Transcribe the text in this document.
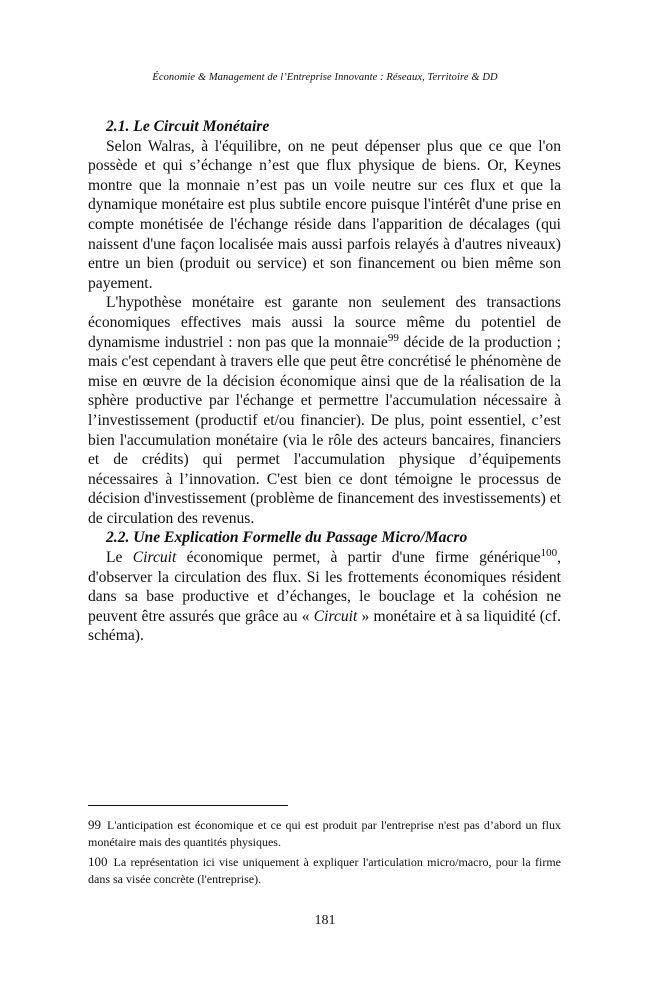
Économie & Management de l’Entreprise Innovante : Réseaux, Territoire & DD

2.1. Le Circuit Monétaire

Selon Walras, à l'équilibre, on ne peut dépenser plus que ce que l'on possède et qui s’échange n’est que flux physique de biens. Or, Keynes montre que la monnaie n’est pas un voile neutre sur ces flux et que la dynamique monétaire est plus subtile encore puisque l'intérêt d'une prise en compte monétisée de l'échange réside dans l'apparition de décalages (qui naissent d'une façon localisée mais aussi parfois relayés à d'autres niveaux) entre un bien (produit ou service) et son financement ou bien même son payement.

L'hypothèse monétaire est garante non seulement des transactions économiques effectives mais aussi la source même du potentiel de dynamisme industriel : non pas que la monnaie$^{99}$ décide de la production ; mais c'est cependant à travers elle que peut être concrétisé le phénomène de mise en œuvre de la décision économique ainsi que de la réalisation de la sphère productive par l'échange et permettre l'accumulation nécessaire à l’investissement (productif et/ou financier). De plus, point essentiel, c’est bien l'accumulation monétaire (via le rôle des acteurs bancaires, financiers et de crédits) qui permet l'accumulation physique d’équipements nécessaires à l’innovation. C'est bien ce dont témoigne le processus de décision d'investissement (problème de financement des investissements) et de circulation des revenus.

2.2. Une Explication Formelle du Passage Micro/Macro

Le Circuit économique permet, à partir d'une firme générique$^{100}$, d'observer la circulation des flux. Si les frottements économiques résident dans sa base productive et d’échanges, le bouclage et la cohésion ne peuvent être assurés que grâce au « Circuit » monétaire et à sa liquidité (cf. schéma).

99 L'anticipation est économique et ce qui est produit par l'entreprise n'est pas d’abord un flux monétaire mais des quantités physiques.

100 La représentation ici vise uniquement à expliquer l'articulation micro/macro, pour la firme dans sa visée concrète (l'entreprise).

181
